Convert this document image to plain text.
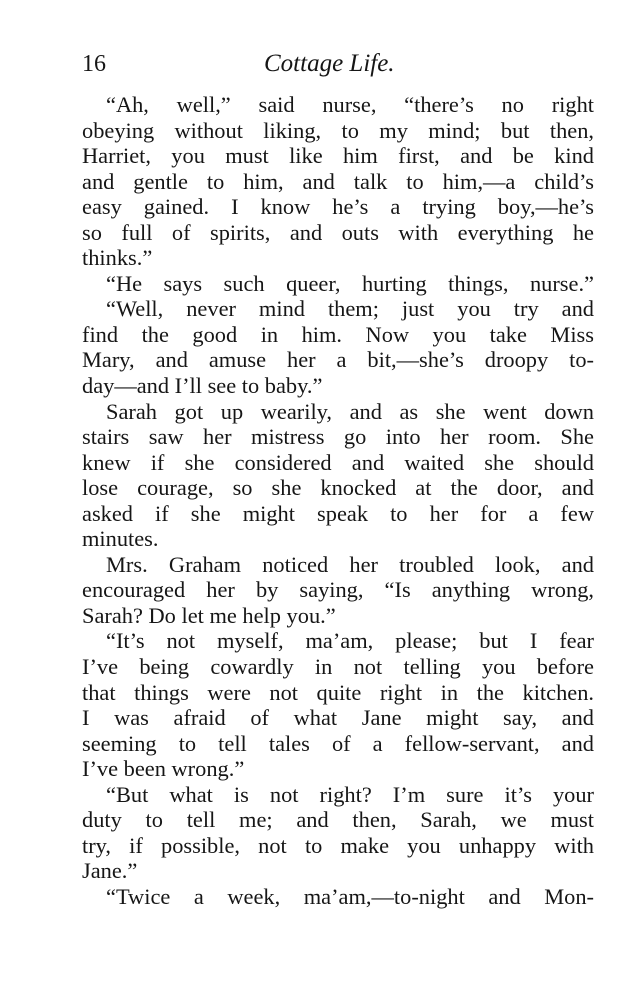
16	Cottage Life.
“Ah, well,” said nurse, “there’s no right
obeying without liking, to my mind; but then,
Harriet, you must like him first, and be kind
and gentle to him, and talk to him,—a child’s
easy gained. I know he’s a trying boy,—he’s
so full of spirits, and outs with everything he
thinks.”
“He says such queer, hurting things, nurse.”
“Well, never mind them; just you try and
find the good in him. Now you take Miss
Mary, and amuse her a bit,—she’s droopy to-
day—and I’ll see to baby.”
Sarah got up wearily, and as she went down
stairs saw her mistress go into her room. She
knew if she considered and waited she should
lose courage, so she knocked at the door, and
asked if she might speak to her for a few
minutes.
Mrs. Graham noticed her troubled look, and
encouraged her by saying, “Is anything wrong,
Sarah? Do let me help you.”
“It’s not myself, ma’am, please; but I fear
I’ve being cowardly in not telling you before
that things were not quite right in the kitchen.
I was afraid of what Jane might say, and
seeming to tell tales of a fellow-servant, and
I’ve been wrong.”
“But what is not right? I’m sure it’s your
duty to tell me; and then, Sarah, we must
try, if possible, not to make you unhappy with
Jane.”
“Twice a week, ma’am,—to-night and Mon-
